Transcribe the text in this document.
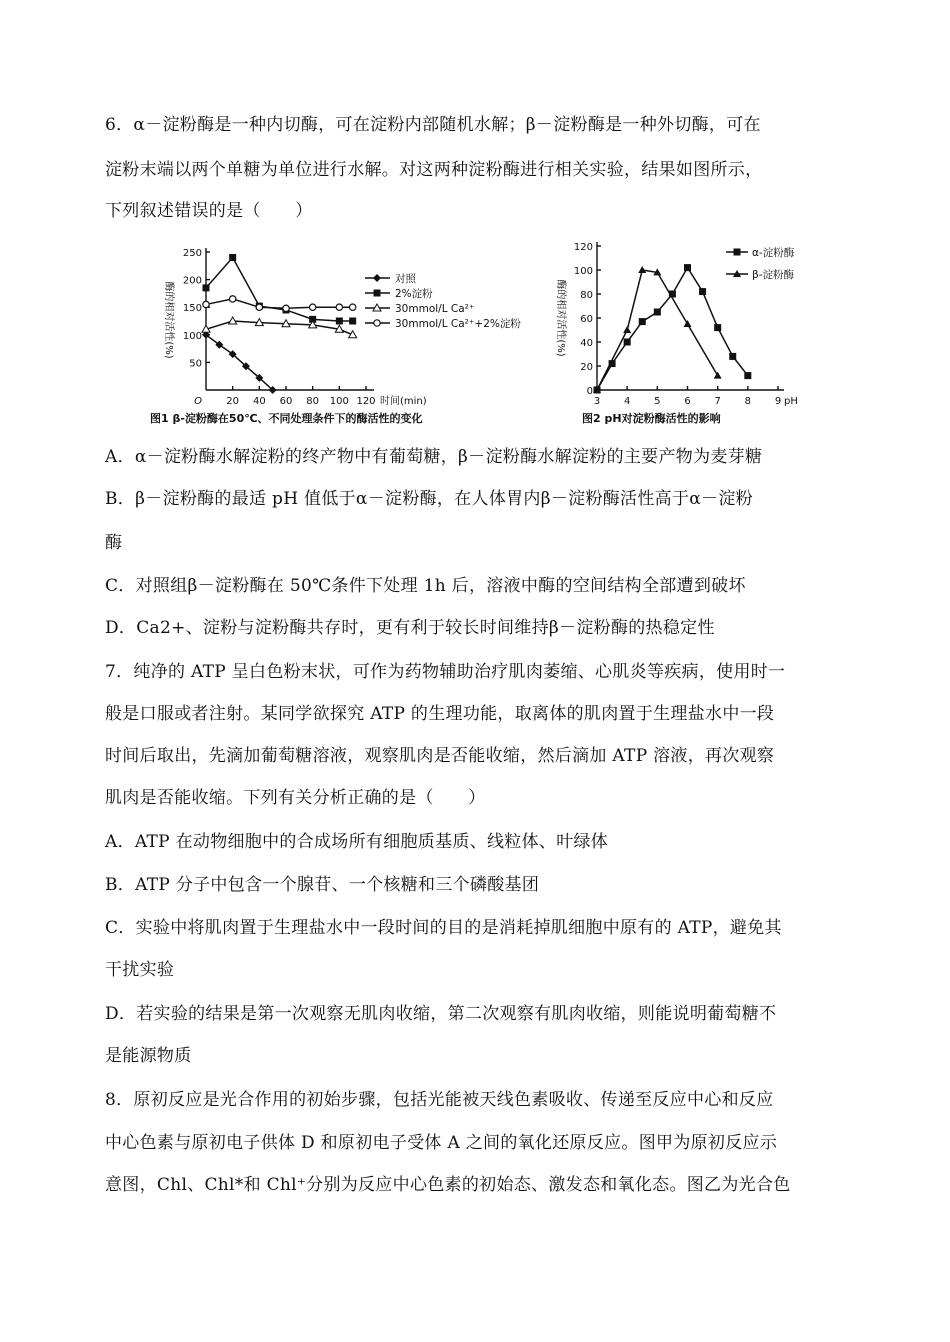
6．α－淀粉酶是一种内切酶，可在淀粉内部随机水解；β－淀粉酶是一种外切酶，可在
淀粉末端以两个单糖为单位进行水解。对这两种淀粉酶进行相关实验，结果如图所示，
下列叙述错误的是（　　）
A．α－淀粉酶水解淀粉的终产物中有葡萄糖，β－淀粉酶水解淀粉的主要产物为麦芽糖
B．β－淀粉酶的最适 pH 值低于α－淀粉酶，在人体胃内β－淀粉酶活性高于α－淀粉
酶
C．对照组β－淀粉酶在 50℃条件下处理 1h 后，溶液中酶的空间结构全部遭到破坏
D．Ca2+、淀粉与淀粉酶共存时，更有利于较长时间维持β－淀粉酶的热稳定性
7．纯净的 ATP 呈白色粉末状，可作为药物辅助治疗肌肉萎缩、心肌炎等疾病，使用时一
般是口服或者注射。某同学欲探究 ATP 的生理功能，取离体的肌肉置于生理盐水中一段
时间后取出，先滴加葡萄糖溶液，观察肌肉是否能收缩，然后滴加 ATP 溶液，再次观察
肌肉是否能收缩。下列有关分析正确的是（　　）
A．ATP 在动物细胞中的合成场所有细胞质基质、线粒体、叶绿体
B．ATP 分子中包含一个腺苷、一个核糖和三个磷酸基团
C．实验中将肌肉置于生理盐水中一段时间的目的是消耗掉肌细胞中原有的 ATP，避免其
干扰实验
D．若实验的结果是第一次观察无肌肉收缩，第二次观察有肌肉收缩，则能说明葡萄糖不
是能源物质
8．原初反应是光合作用的初始步骤，包括光能被天线色素吸收、传递至反应中心和反应
中心色素与原初电子供体 D 和原初电子受体 A 之间的氧化还原反应。图甲为原初反应示
意图，Chl、Chl*和 Chl⁺分别为反应中心色素的初始态、激发态和氧化态。图乙为光合色
50
100
150
200
250
O 20 40 60 80 100 120 时间(min)
酶的相对活性(%)
对照
2%淀粉
30mmol/L Ca²⁺
30mmol/L Ca²⁺+2%淀粉
图1 β-淀粉酶在50℃、不同处理条件下的酶活性的变化
0
20
40
60
80
100
120
3 4 5 6 7 8 9 pH
酶的相对活性(%)
α-淀粉酶
β-淀粉酶
图2 pH对淀粉酶活性的影响
